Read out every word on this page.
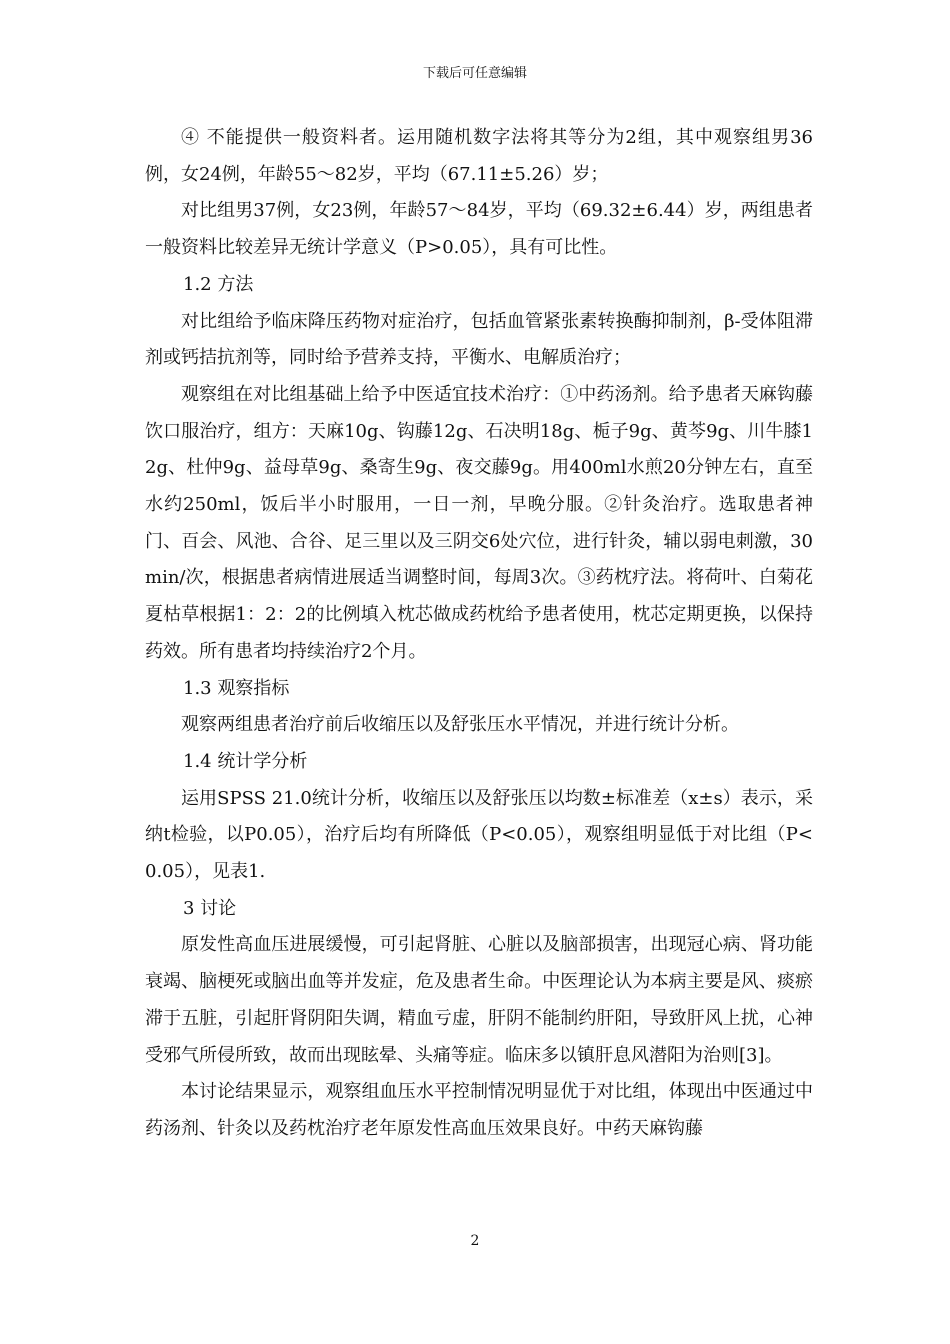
下载后可任意编辑

④ 不能提供一般资料者。运用随机数字法将其等分为2组，其中观察组男36例，女24例，年龄55～82岁，平均（67.11±5.26）岁；

对比组男37例，女23例，年龄57～84岁，平均（69.32±6.44）岁，两组患者一般资料比较差异无统计学意义（P>0.05），具有可比性。

1.2 方法

对比组给予临床降压药物对症治疗，包括血管紧张素转换酶抑制剂，β-受体阻滞剂或钙拮抗剂等，同时给予营养支持，平衡水、电解质治疗；

观察组在对比组基础上给予中医适宜技术治疗：①中药汤剂。给予患者天麻钩藤饮口服治疗，组方：天麻10g、钩藤12g、石决明18g、栀子9g、黄芩9g、川牛膝12g、杜仲9g、益母草9g、桑寄生9g、夜交藤9g。用400ml水煎20分钟左右，直至水约250ml，饭后半小时服用，一日一剂，早晚分服。②针灸治疗。选取患者神门、百会、风池、合谷、足三里以及三阴交6处穴位，进行针灸，辅以弱电刺激，30min/次，根据患者病情进展适当调整时间，每周3次。③药枕疗法。将荷叶、白菊花夏枯草根据1：2：2的比例填入枕芯做成药枕给予患者使用，枕芯定期更换，以保持药效。所有患者均持续治疗2个月。

1.3 观察指标

观察两组患者治疗前后收缩压以及舒张压水平情况，并进行统计分析。

1.4 统计学分析

运用SPSS 21.0统计分析，收缩压以及舒张压以均数±标准差（x±s）表示，采纳t检验，以P0.05），治疗后均有所降低（P<0.05），观察组明显低于对比组（P<0.05），见表1.

3 讨论

原发性高血压进展缓慢，可引起肾脏、心脏以及脑部损害，出现冠心病、肾功能衰竭、脑梗死或脑出血等并发症，危及患者生命。中医理论认为本病主要是风、痰瘀滞于五脏，引起肝肾阴阳失调，精血亏虚，肝阴不能制约肝阳，导致肝风上扰，心神受邪气所侵所致，故而出现眩晕、头痛等症。临床多以镇肝息风潜阳为治则[3]。

本讨论结果显示，观察组血压水平控制情况明显优于对比组，体现出中医通过中药汤剂、针灸以及药枕治疗老年原发性高血压效果良好。中药天麻钩藤

2
